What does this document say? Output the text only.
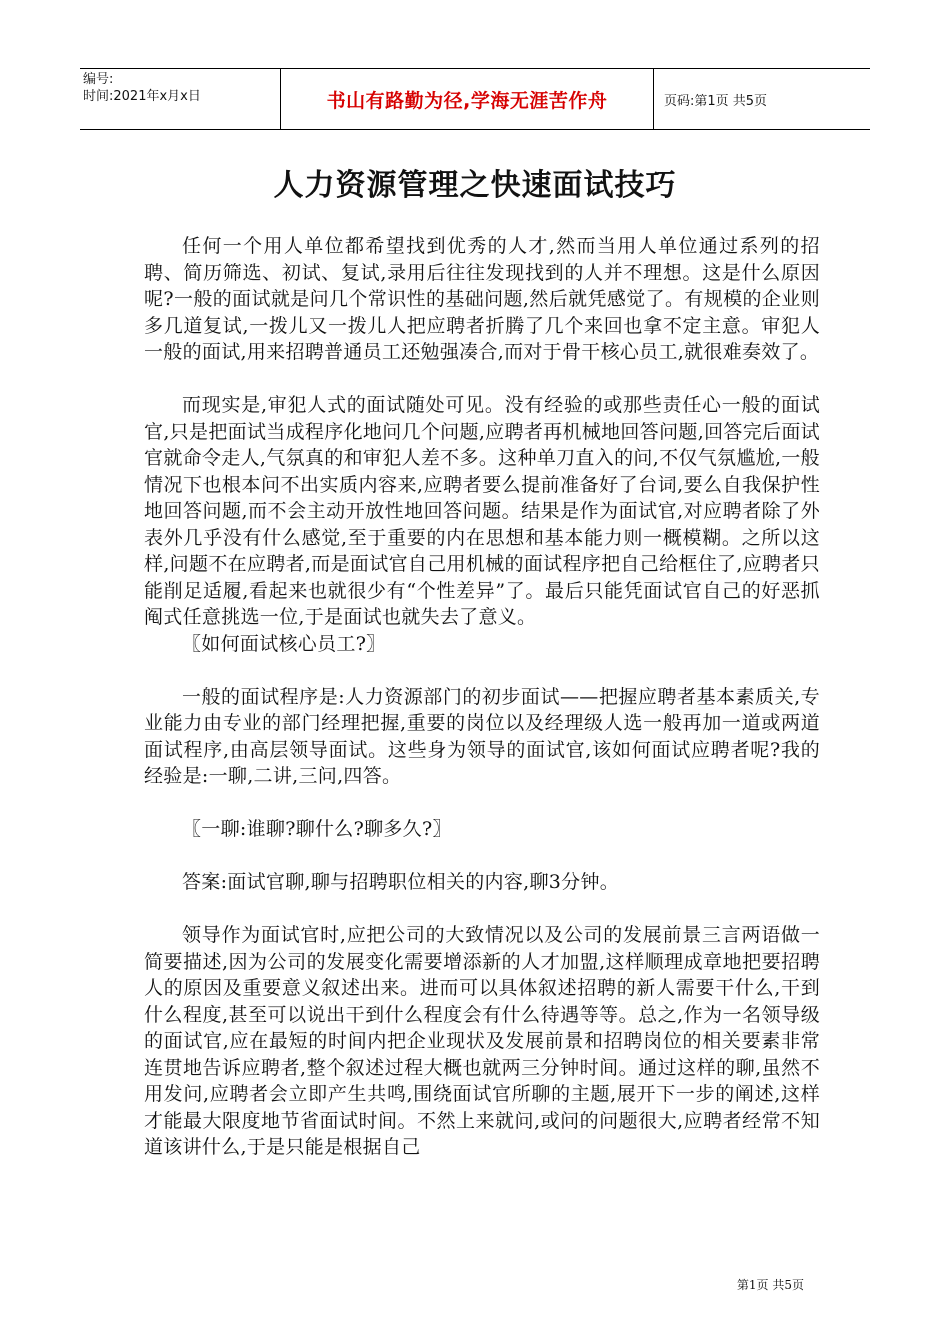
编号:
时间:2021年x月x日	书山有路勤为径,学海无涯苦作舟	页码:第1页 共5页
人力资源管理之快速面试技巧

任何一个用人单位都希望找到优秀的人才,然而当用人单位通过系列的招聘、简历筛选、初试、复试,录用后往往发现找到的人并不理想。这是什么原因呢?一般的面试就是问几个常识性的基础问题,然后就凭感觉了。有规模的企业则多几道复试,一拨儿又一拨儿人把应聘者折腾了几个来回也拿不定主意。审犯人一般的面试,用来招聘普通员工还勉强凑合,而对于骨干核心员工,就很难奏效了。

而现实是,审犯人式的面试随处可见。没有经验的或那些责任心一般的面试官,只是把面试当成程序化地问几个问题,应聘者再机械地回答问题,回答完后面试官就命令走人,气氛真的和审犯人差不多。这种单刀直入的问,不仅气氛尴尬,一般情况下也根本问不出实质内容来,应聘者要么提前准备好了台词,要么自我保护性地回答问题,而不会主动开放性地回答问题。结果是作为面试官,对应聘者除了外表外几乎没有什么感觉,至于重要的内在思想和基本能力则一概模糊。之所以这样,问题不在应聘者,而是面试官自己用机械的面试程序把自己给框住了,应聘者只能削足适履,看起来也就很少有“个性差异”了。最后只能凭面试官自己的好恶抓阄式任意挑选一位,于是面试也就失去了意义。

〖如何面试核心员工?〗

一般的面试程序是:人力资源部门的初步面试——把握应聘者基本素质关,专业能力由专业的部门经理把握,重要的岗位以及经理级人选一般再加一道或两道面试程序,由高层领导面试。这些身为领导的面试官,该如何面试应聘者呢?我的经验是:一聊,二讲,三问,四答。

〖一聊:谁聊?聊什么?聊多久?〗

答案:面试官聊,聊与招聘职位相关的内容,聊3分钟。

领导作为面试官时,应把公司的大致情况以及公司的发展前景三言两语做一简要描述,因为公司的发展变化需要增添新的人才加盟,这样顺理成章地把要招聘人的原因及重要意义叙述出来。进而可以具体叙述招聘的新人需要干什么,干到什么程度,甚至可以说出干到什么程度会有什么待遇等等。总之,作为一名领导级的面试官,应在最短的时间内把企业现状及发展前景和招聘岗位的相关要素非常连贯地告诉应聘者,整个叙述过程大概也就两三分钟时间。通过这样的聊,虽然不用发问,应聘者会立即产生共鸣,围绕面试官所聊的主题,展开下一步的阐述,这样才能最大限度地节省面试时间。不然上来就问,或问的问题很大,应聘者经常不知道该讲什么,于是只能是根据自己

第1页 共5页
